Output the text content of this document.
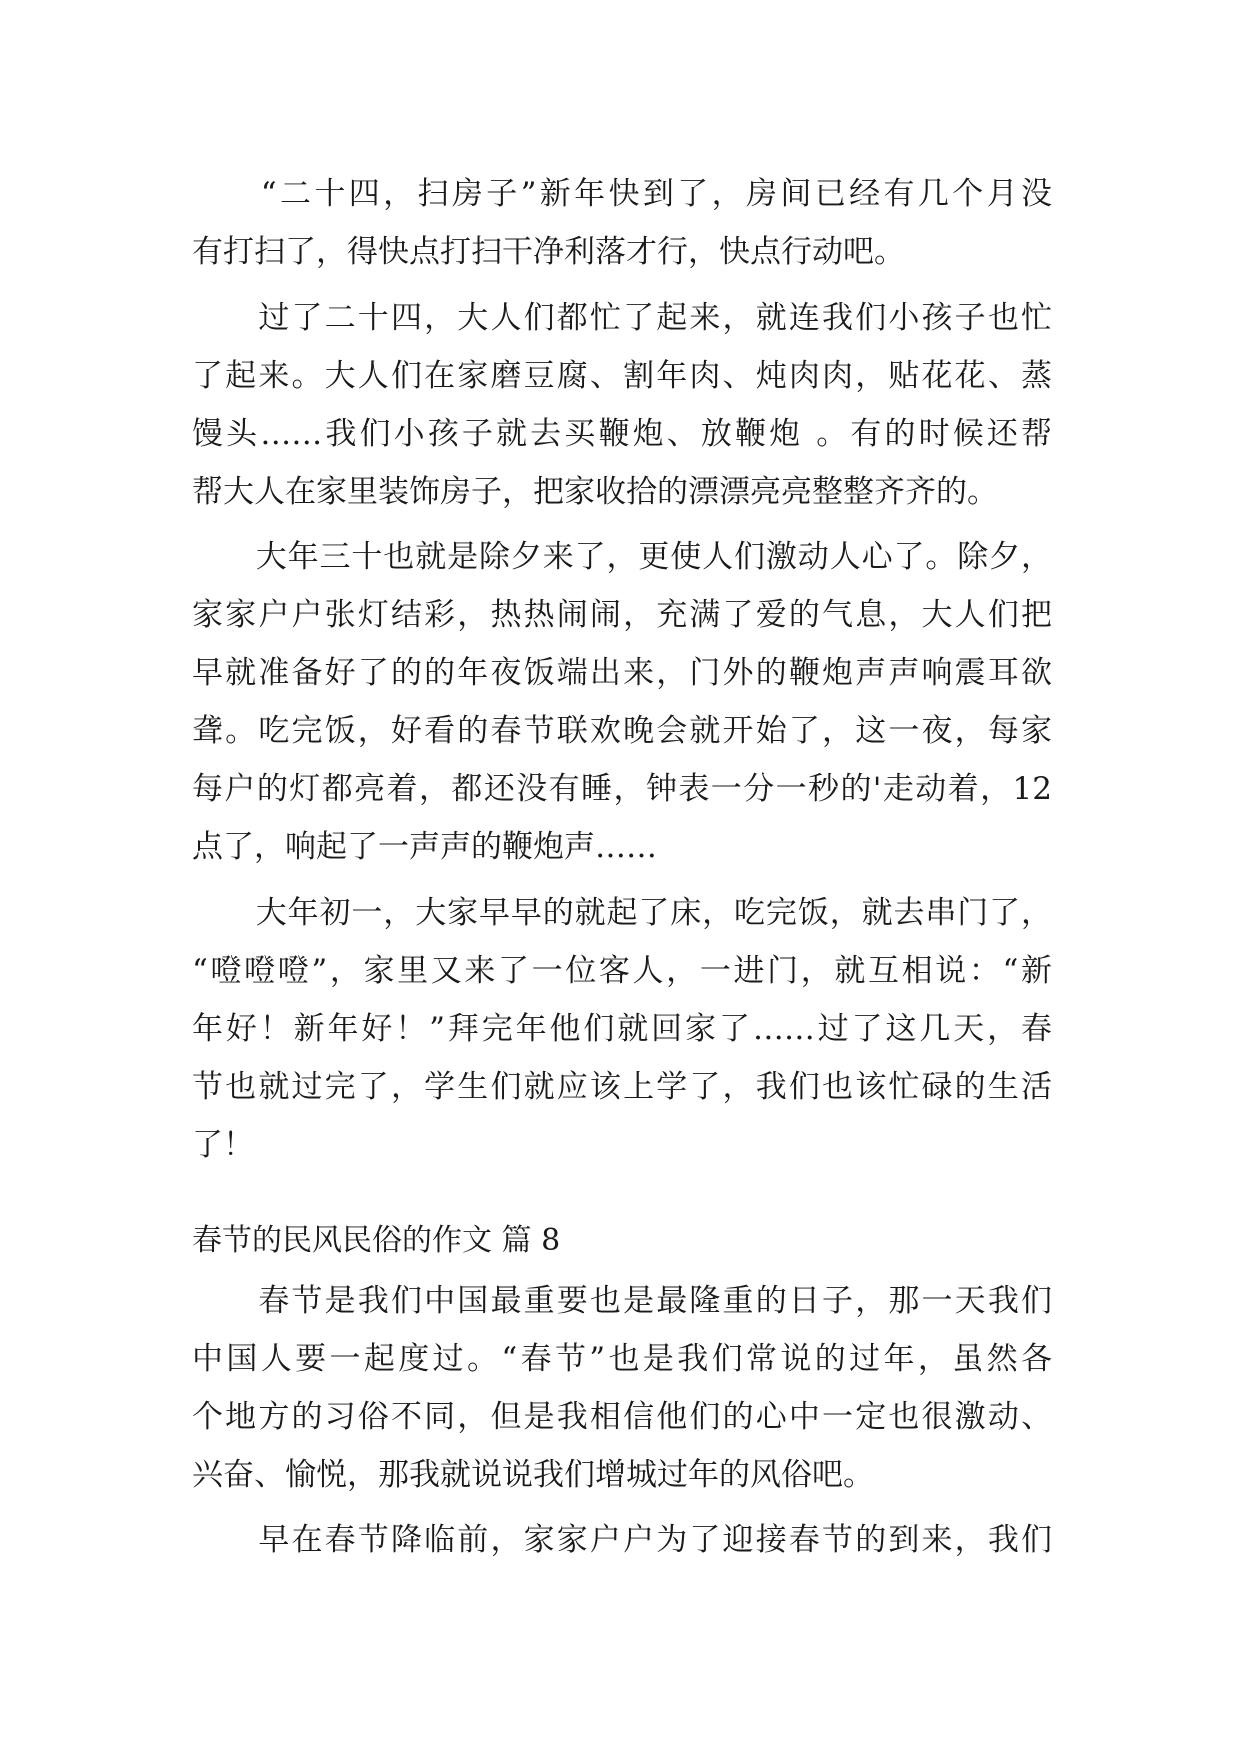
　　“二十四，扫房子”新年快到了，房间已经有几个月没
有打扫了，得快点打扫干净利落才行，快点行动吧。
　　过了二十四，大人们都忙了起来，就连我们小孩子也忙
了起来。大人们在家磨豆腐、割年肉、炖肉肉，贴花花、蒸
馒头……我们小孩子就去买鞭炮、放鞭炮 。有的时候还帮
帮大人在家里装饰房子，把家收拾的漂漂亮亮整整齐齐的。
　　大年三十也就是除夕来了，更使人们激动人心了。除夕，
家家户户张灯结彩，热热闹闹，充满了爱的气息，大人们把
早就准备好了的的年夜饭端出来，门外的鞭炮声声响震耳欲
聋。吃完饭，好看的春节联欢晚会就开始了，这一夜，每家
每户的灯都亮着，都还没有睡，钟表一分一秒的'走动着，12
点了，响起了一声声的鞭炮声……
　　大年初一，大家早早的就起了床，吃完饭，就去串门了，
“噔噔噔”，家里又来了一位客人，一进门，就互相说：“新
年好！新年好！”拜完年他们就回家了……过了这几天，春
节也就过完了，学生们就应该上学了，我们也该忙碌的生活
了！
春节的民风民俗的作文 篇 8
　　春节是我们中国最重要也是最隆重的日子，那一天我们
中国人要一起度过。“春节”也是我们常说的过年，虽然各
个地方的习俗不同，但是我相信他们的心中一定也很激动、
兴奋、愉悦，那我就说说我们增城过年的风俗吧。
　　早在春节降临前，家家户户为了迎接春节的到来，我们
